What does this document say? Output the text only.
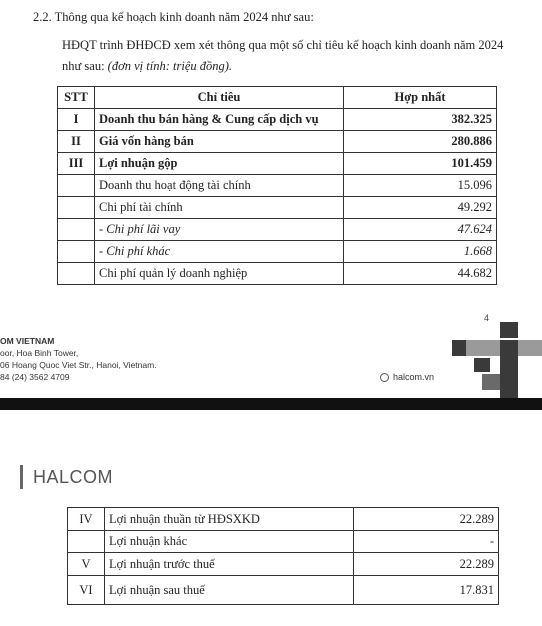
2.2. Thông qua kế hoạch kinh doanh năm 2024 như sau:
HĐQT trình ĐHĐCĐ xem xét thông qua một số chỉ tiêu kế hoạch kinh doanh năm 2024
như sau: (đơn vị tính: triệu đồng).
STT	Chỉ tiêu	Hợp nhất
I	Doanh thu bán hàng & Cung cấp dịch vụ	382.325
II	Giá vốn hàng bán	280.886
III	Lợi nhuận gộp	101.459
	Doanh thu hoạt động tài chính	15.096
	Chi phí tài chính	49.292
	- Chi phí lãi vay	47.624
	- Chi phí khác	1.668
	Chi phí quản lý doanh nghiệp	44.682
4
OM VIETNAM
oor, Hoa Binh Tower,
06 Hoang Quoc Viet Str., Hanoi, Vietnam.
84 (24) 3562 4709	halcom.vn
HALCOM
IV	Lợi nhuận thuần từ HĐSXKD	22.289
	Lợi nhuận khác	-
V	Lợi nhuận trước thuế	22.289
VI	Lợi nhuận sau thuế	17.831
